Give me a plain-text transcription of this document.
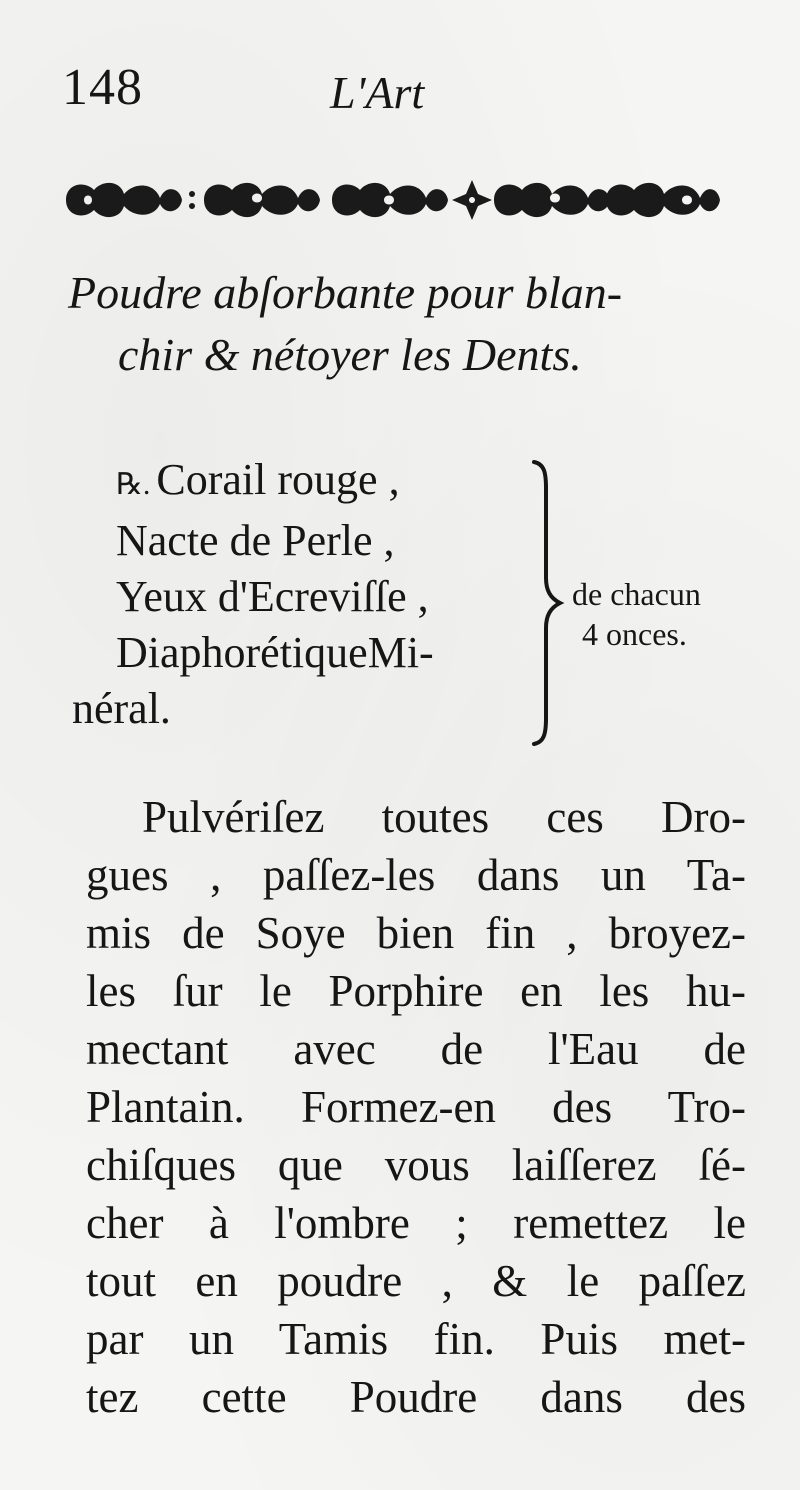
148	L'Art
Poudre abſorbante pour blan-
chir & nétoyer les Dents.
℞. Corail rouge ,
Nacte de Perle ,
Yeux d'Ecreviſſe ,
DiaphorétiqueMi-
néral.
de chacun
4 onces.
Pulvériſez toutes ces Dro-
gues , paſſez-les dans un Ta-
mis de Soye bien fin , broyez-
les ſur le Porphire en les hu-
mectant avec de l'Eau de
Plantain. Formez-en des Tro-
chiſques que vous laiſſerez ſé-
cher à l'ombre ; remettez le
tout en poudre , & le paſſez
par un Tamis fin. Puis met-
tez cette Poudre dans des
